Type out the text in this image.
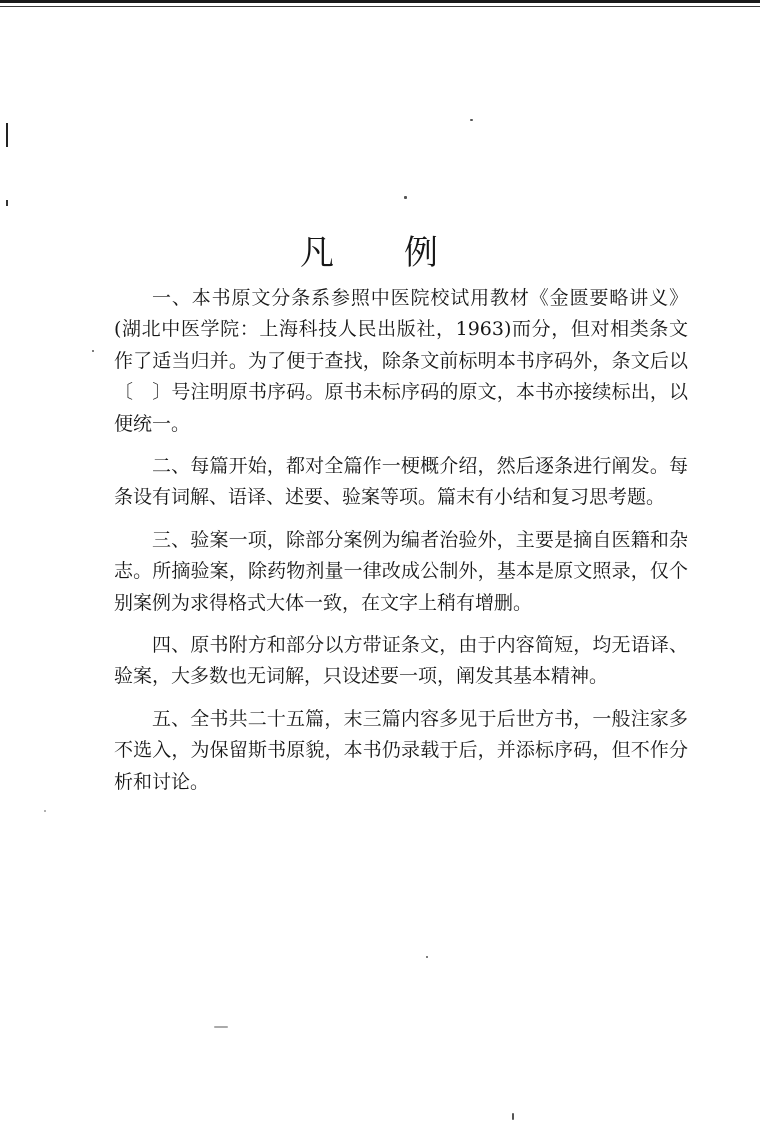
凡例

一、本书原文分条系参照中医院校试用教材《金匮要略讲义》(湖北中医学院：上海科技人民出版社，1963)而分，但对相类条文作了适当归并。为了便于查找，除条文前标明本书序码外，条文后以〔　〕号注明原书序码。原书未标序码的原文，本书亦接续标出，以便统一。

二、每篇开始，都对全篇作一梗概介绍，然后逐条进行阐发。每条设有词解、语译、述要、验案等项。篇末有小结和复习思考题。

三、验案一项，除部分案例为编者治验外，主要是摘自医籍和杂志。所摘验案，除药物剂量一律改成公制外，基本是原文照录，仅个别案例为求得格式大体一致，在文字上稍有增删。

四、原书附方和部分以方带证条文，由于内容简短，均无语译、验案，大多数也无词解，只设述要一项，阐发其基本精神。

五、全书共二十五篇，末三篇内容多见于后世方书，一般注家多不选入，为保留斯书原貌，本书仍录载于后，并添标序码，但不作分析和讨论。
